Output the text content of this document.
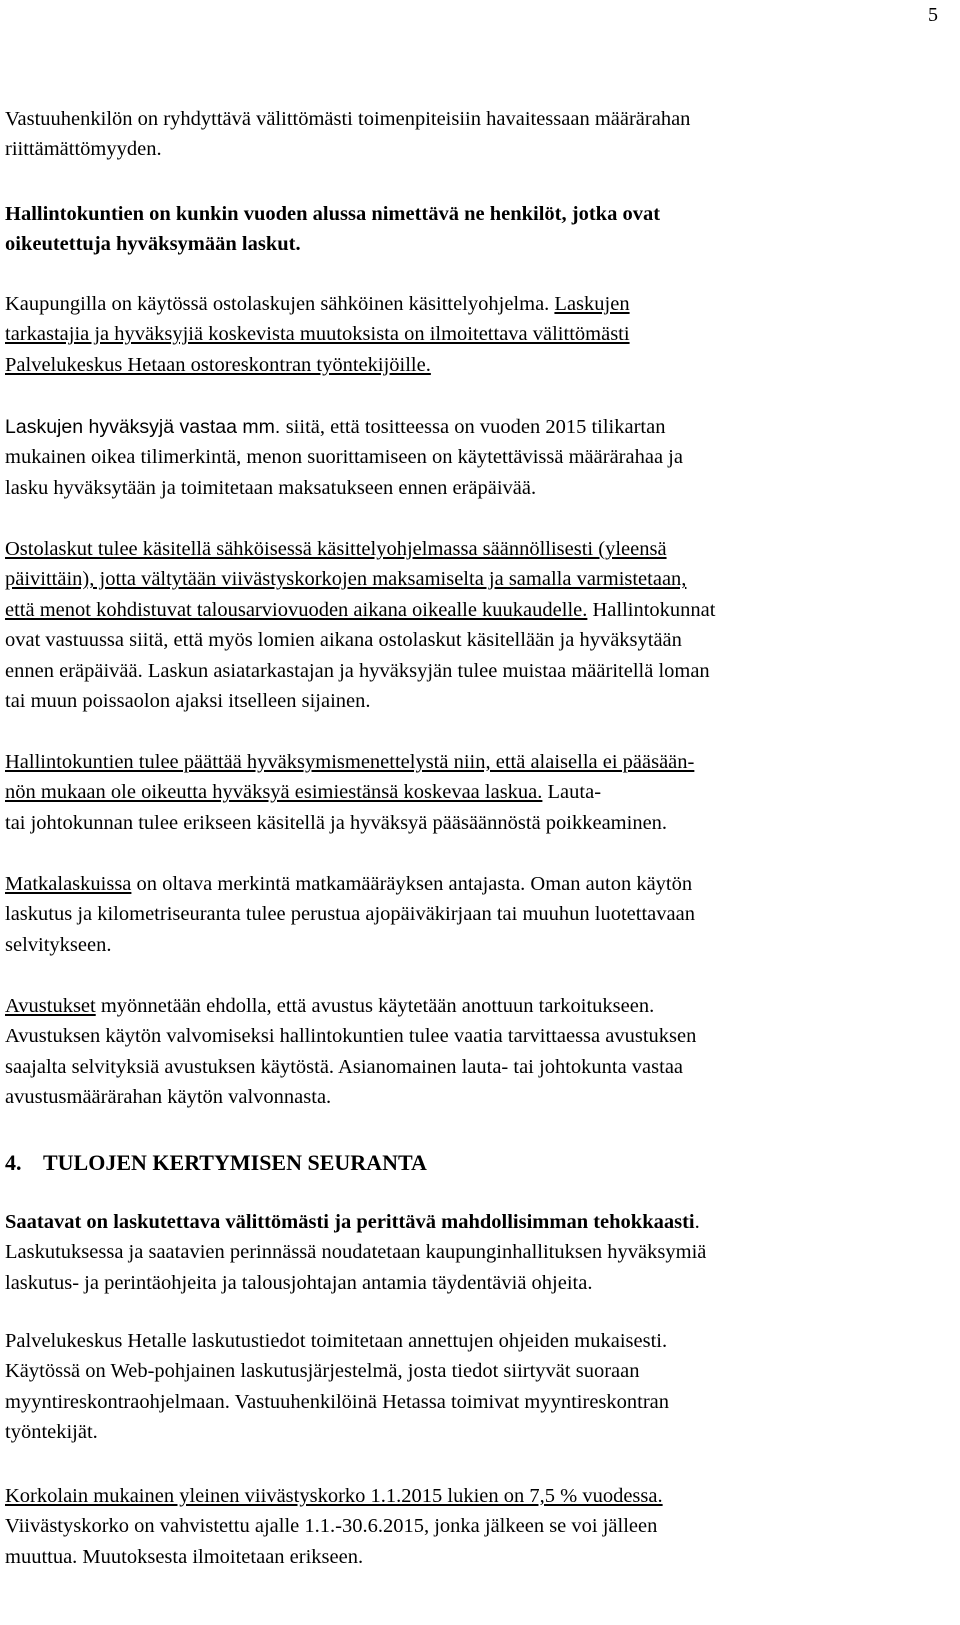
5
Vastuuhenkilön on ryhdyttävä välittömästi toimenpiteisiin havaitessaan määrärahan
riittämättömyyden.
Hallintokuntien on kunkin vuoden alussa nimettävä ne henkilöt, jotka ovat
oikeutettuja hyväksymään laskut.
Kaupungilla on käytössä ostolaskujen sähköinen käsittelyohjelma. Laskujen
tarkastajia ja hyväksyjiä koskevista muutoksista on ilmoitettava välittömästi
Palvelukeskus Hetaan ostoreskontran työntekijöille.
Laskujen hyväksyjä vastaa mm. siitä, että tositteessa on vuoden 2015 tilikartan
mukainen oikea tilimerkintä, menon suorittamiseen on käytettävissä määrärahaa ja
lasku hyväksytään ja toimitetaan maksatukseen ennen eräpäivää.
Ostolaskut tulee käsitellä sähköisessä käsittelyohjelmassa säännöllisesti (yleensä
päivittäin), jotta vältytään viivästyskorkojen maksamiselta ja samalla varmistetaan,
että menot kohdistuvat talousarviovuoden aikana oikealle kuukaudelle. Hallintokunnat
ovat vastuussa siitä, että myös lomien aikana ostolaskut käsitellään ja hyväksytään
ennen eräpäivää. Laskun asiatarkastajan ja hyväksyjän tulee muistaa määritellä loman
tai muun poissaolon ajaksi itselleen sijainen.
Hallintokuntien tulee päättää hyväksymismenettelystä niin, että alaisella ei pääsään-
nön mukaan ole oikeutta hyväksyä esimiestänsä koskevaa laskua. Lauta-
tai johtokunnan tulee erikseen käsitellä ja hyväksyä pääsäännöstä poikkeaminen.
Matkalaskuissa on oltava merkintä matkamääräyksen antajasta. Oman auton käytön
laskutus ja kilometriseuranta tulee perustua ajopäiväkirjaan tai muuhun luotettavaan
selvitykseen.
Avustukset myönnetään ehdolla, että avustus käytetään anottuun tarkoitukseen.
Avustuksen käytön valvomiseksi hallintokuntien tulee vaatia tarvittaessa avustuksen
saajalta selvityksiä avustuksen käytöstä. Asianomainen lauta- tai johtokunta vastaa
avustusmäärärahan käytön valvonnasta.
Saatavat on laskutettava välittömästi ja perittävä mahdollisimman tehokkaasti.
Laskutuksessa ja saatavien perinnässä noudatetaan kaupunginhallituksen hyväksymiä
laskutus- ja perintäohjeita ja talousjohtajan antamia täydentäviä ohjeita.
Palvelukeskus Hetalle laskutustiedot toimitetaan annettujen ohjeiden mukaisesti.
Käytössä on Web-pohjainen laskutusjärjestelmä, josta tiedot siirtyvät suoraan
myyntireskontraohjelmaan. Vastuuhenkilöinä Hetassa toimivat myyntireskontran
työntekijät.
Korkolain mukainen yleinen viivästyskorko 1.1.2015 lukien on 7,5 % vuodessa.
Viivästyskorko on vahvistettu ajalle 1.1.-30.6.2015, jonka jälkeen se voi jälleen
muuttua. Muutoksesta ilmoitetaan erikseen.
4. TULOJEN KERTYMISEN SEURANTA
